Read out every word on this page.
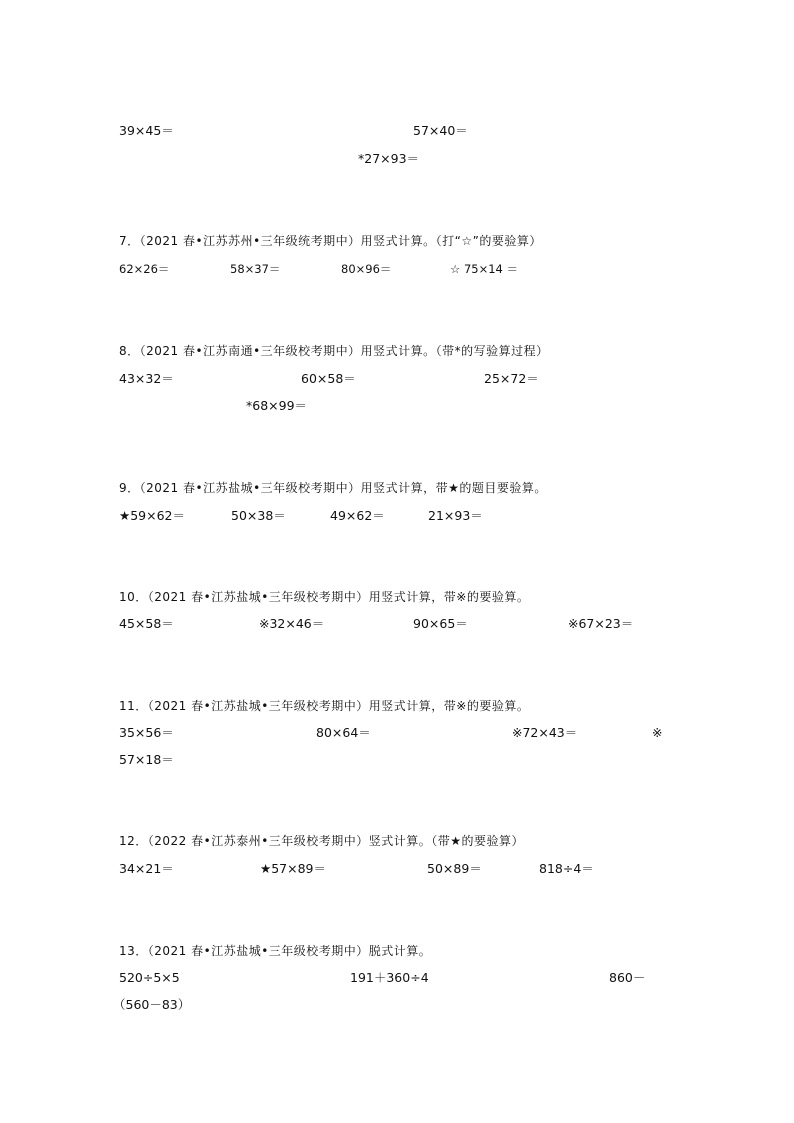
39×45＝	57×40＝
*27×93＝
7．（2021 春•江苏苏州•三年级统考期中）用竖式计算。（打“☆”的要验算）
62×26＝	58×37＝	80×96＝	☆ 75×14 ＝
8．（2021 春•江苏南通•三年级校考期中）用竖式计算。（带*的写验算过程）
43×32＝	60×58＝	25×72＝
*68×99＝
9．（2021 春•江苏盐城•三年级校考期中）用竖式计算，带★的题目要验算。
★59×62＝	50×38＝	49×62＝	21×93＝
10．（2021 春•江苏盐城•三年级校考期中）用竖式计算，带※的要验算。
45×58＝	※32×46＝	90×65＝	※67×23＝
11．（2021 春•江苏盐城•三年级校考期中）用竖式计算，带※的要验算。
35×56＝	80×64＝	※72×43＝	※
57×18＝
12．（2022 春•江苏泰州•三年级校考期中）竖式计算。（带★的要验算）
34×21＝	★57×89＝	50×89＝	818÷4＝
13．（2021 春•江苏盐城•三年级校考期中）脱式计算。
520÷5×5	191＋360÷4	860－
（560－83）
